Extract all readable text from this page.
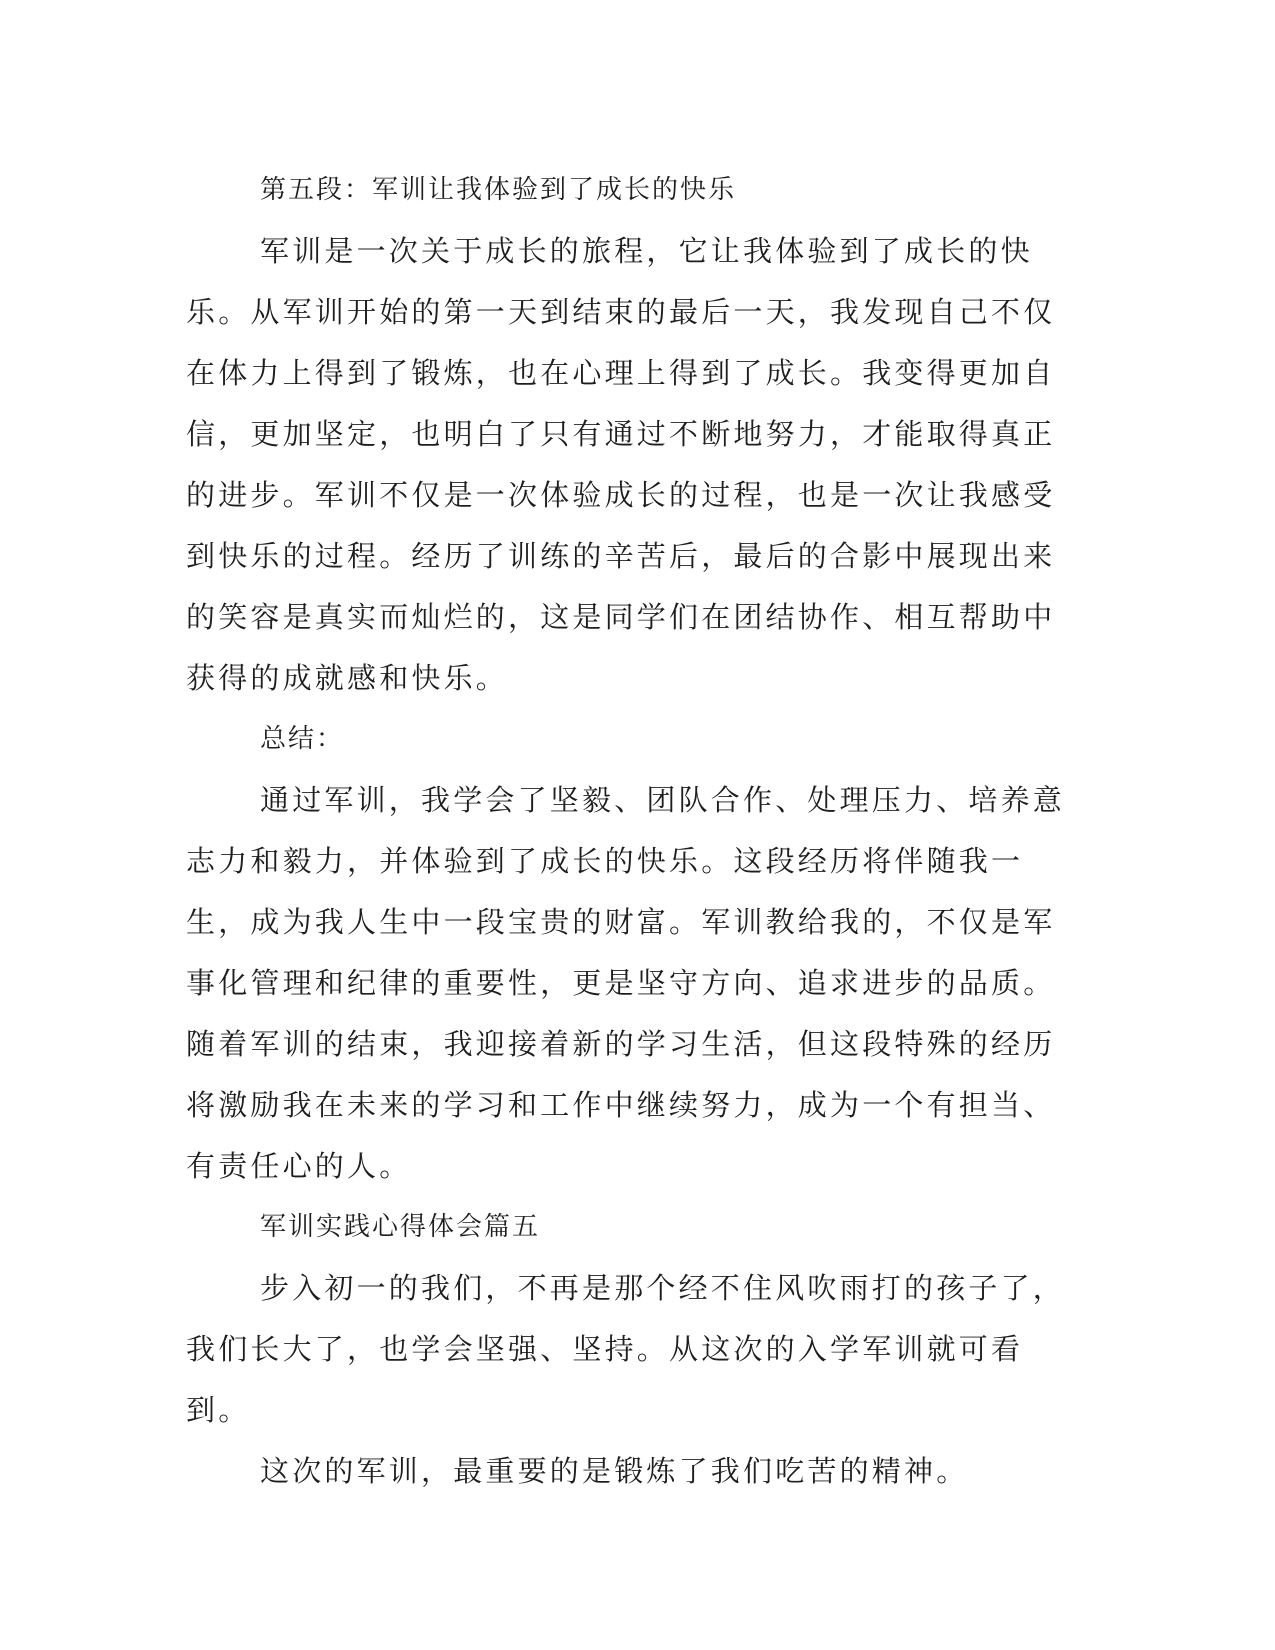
第五段：军训让我体验到了成长的快乐

军训是一次关于成长的旅程，它让我体验到了成长的快乐。从军训开始的第一天到结束的最后一天，我发现自己不仅在体力上得到了锻炼，也在心理上得到了成长。我变得更加自信，更加坚定，也明白了只有通过不断地努力，才能取得真正的进步。军训不仅是一次体验成长的过程，也是一次让我感受到快乐的过程。经历了训练的辛苦后，最后的合影中展现出来的笑容是真实而灿烂的，这是同学们在团结协作、相互帮助中获得的成就感和快乐。

总结：

通过军训，我学会了坚毅、团队合作、处理压力、培养意志力和毅力，并体验到了成长的快乐。这段经历将伴随我一生，成为我人生中一段宝贵的财富。军训教给我的，不仅是军事化管理和纪律的重要性，更是坚守方向、追求进步的品质。随着军训的结束，我迎接着新的学习生活，但这段特殊的经历将激励我在未来的学习和工作中继续努力，成为一个有担当、有责任心的人。

军训实践心得体会篇五

步入初一的我们，不再是那个经不住风吹雨打的孩子了，我们长大了，也学会坚强、坚持。从这次的入学军训就可看到。

这次的军训，最重要的是锻炼了我们吃苦的精神。
